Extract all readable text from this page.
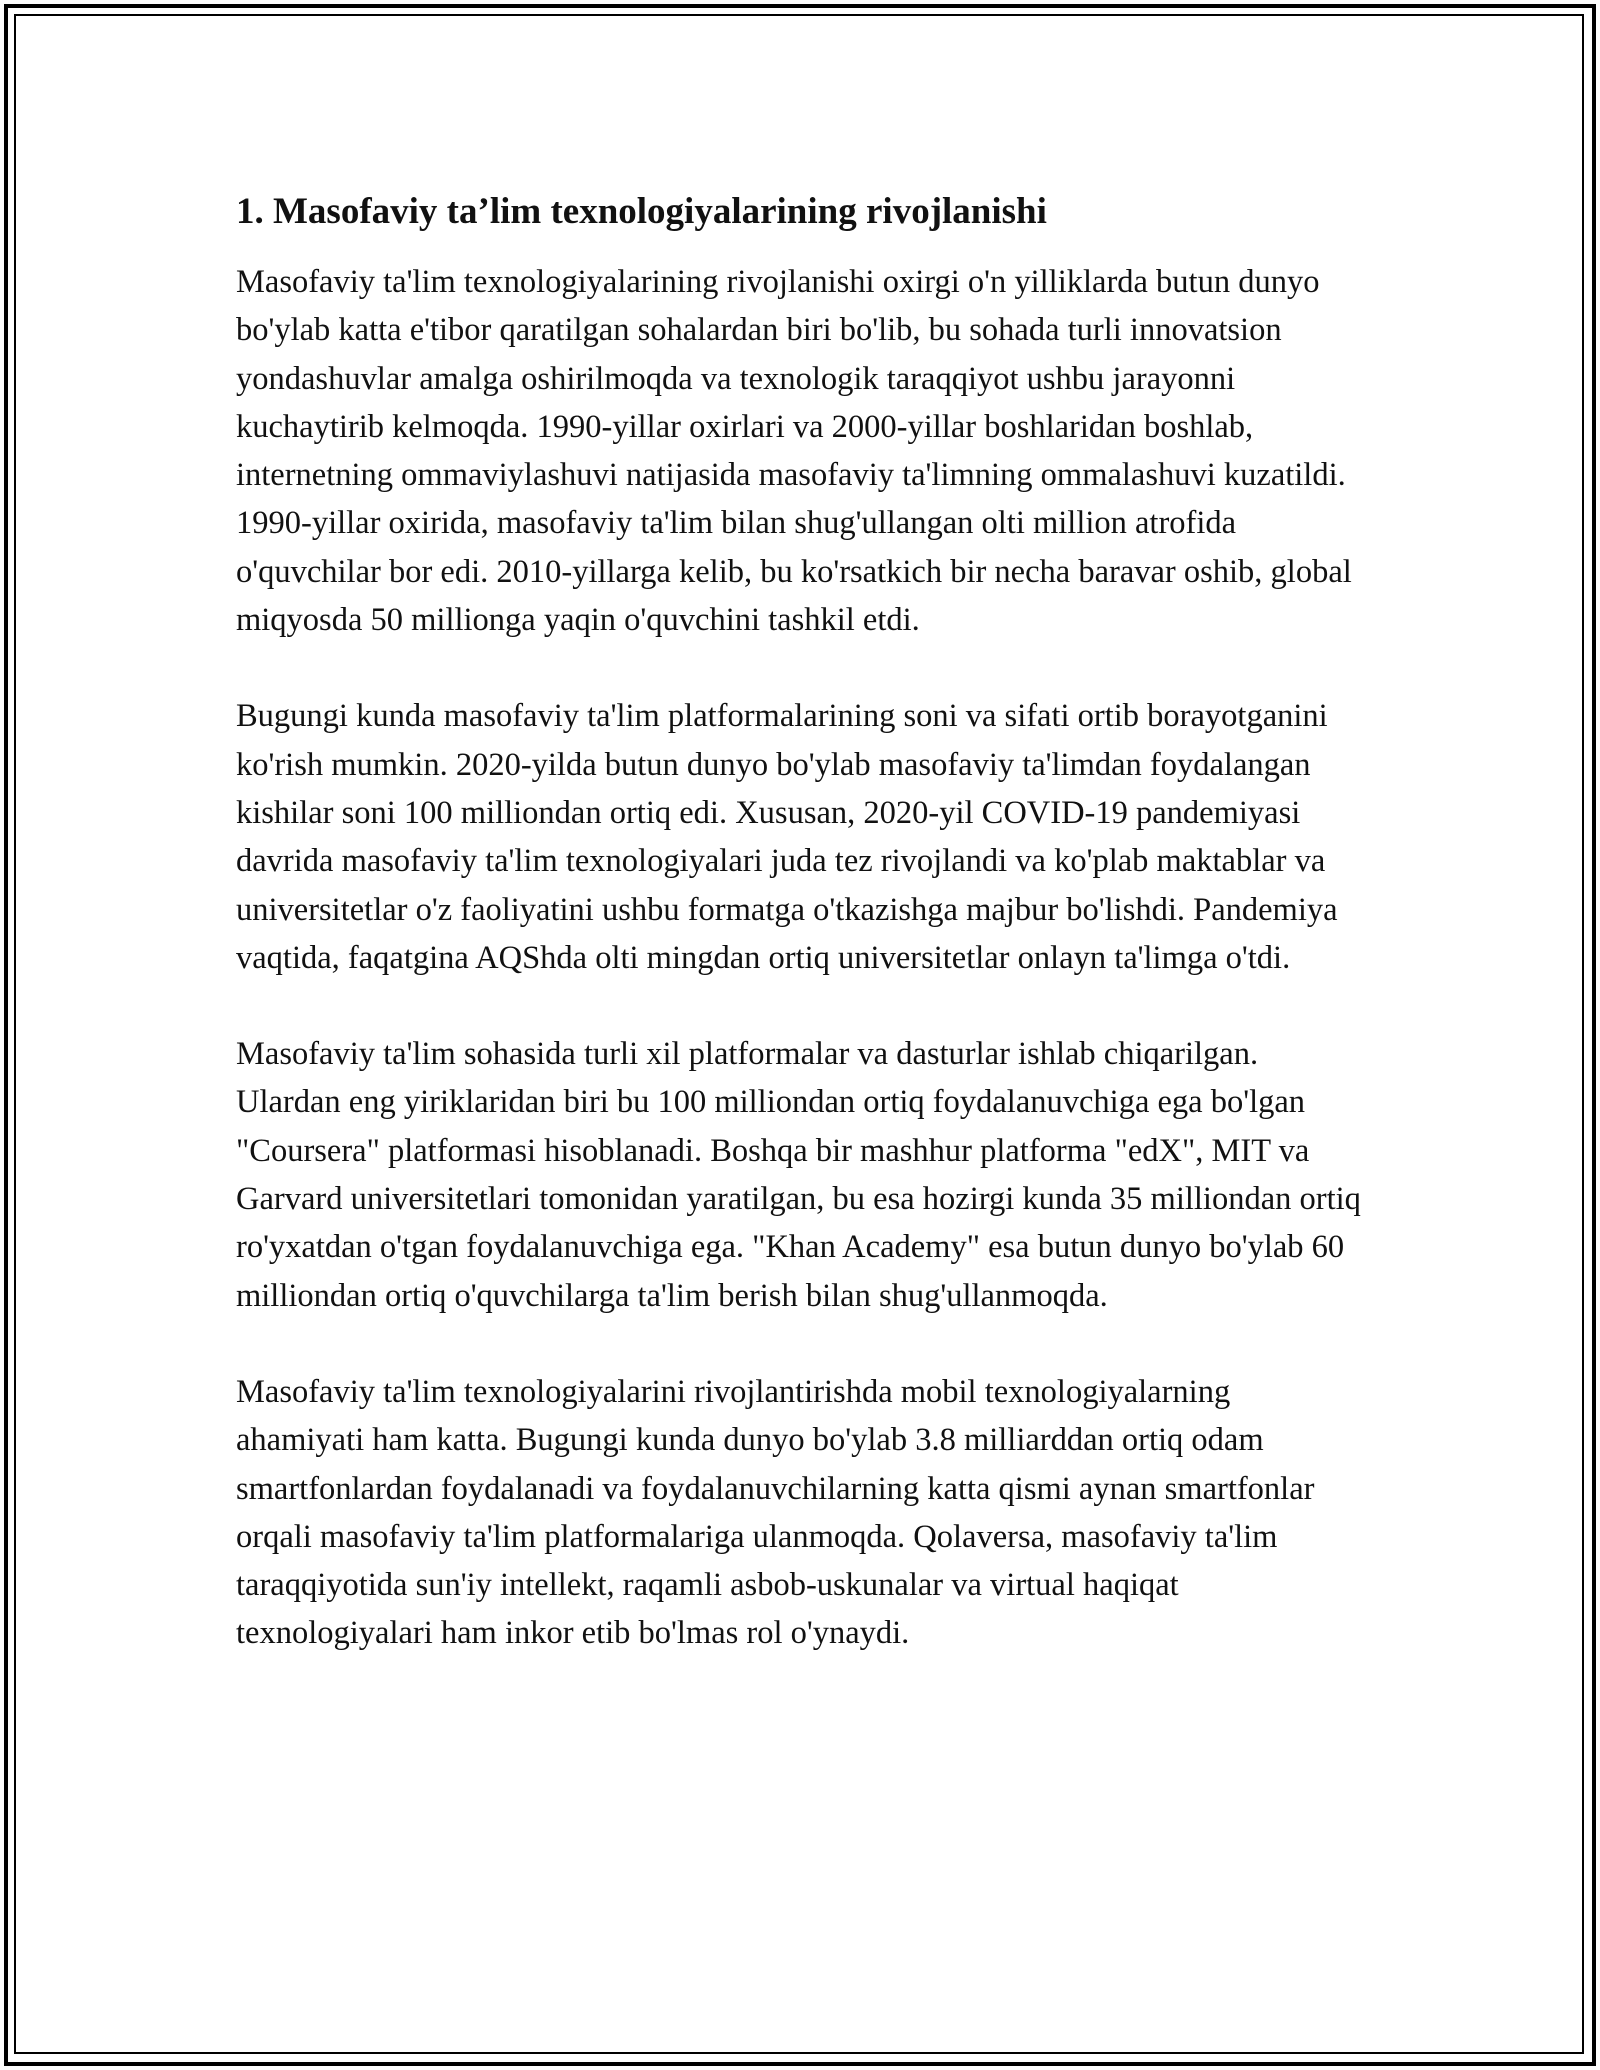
1. Masofaviy ta’lim texnologiyalarining rivojlanishi

Masofaviy ta'lim texnologiyalarining rivojlanishi oxirgi o'n yilliklarda butun dunyo bo'ylab katta e'tibor qaratilgan sohalardan biri bo'lib, bu sohada turli innovatsion yondashuvlar amalga oshirilmoqda va texnologik taraqqiyot ushbu jarayonni kuchaytirib kelmoqda. 1990-yillar oxirlari va 2000-yillar boshlaridan boshlab, internetning ommaviylashuvi natijasida masofaviy ta'limning ommalashuvi kuzatildi. 1990-yillar oxirida, masofaviy ta'lim bilan shug'ullangan olti million atrofida o'quvchilar bor edi. 2010-yillarga kelib, bu ko'rsatkich bir necha baravar oshib, global miqyosda 50 millionga yaqin o'quvchini tashkil etdi.

Bugungi kunda masofaviy ta'lim platformalarining soni va sifati ortib borayotganini ko'rish mumkin. 2020-yilda butun dunyo bo'ylab masofaviy ta'limdan foydalangan kishilar soni 100 milliondan ortiq edi. Xususan, 2020-yil COVID-19 pandemiyasi davrida masofaviy ta'lim texnologiyalari juda tez rivojlandi va ko'plab maktablar va universitetlar o'z faoliyatini ushbu formatga o'tkazishga majbur bo'lishdi. Pandemiya vaqtida, faqatgina AQShda olti mingdan ortiq universitetlar onlayn ta'limga o'tdi.

Masofaviy ta'lim sohasida turli xil platformalar va dasturlar ishlab chiqarilgan. Ulardan eng yiriklaridan biri bu 100 milliondan ortiq foydalanuvchiga ega bo'lgan "Coursera" platformasi hisoblanadi. Boshqa bir mashhur platforma "edX", MIT va Garvard universitetlari tomonidan yaratilgan, bu esa hozirgi kunda 35 milliondan ortiq ro'yxatdan o'tgan foydalanuvchiga ega. "Khan Academy" esa butun dunyo bo'ylab 60 milliondan ortiq o'quvchilarga ta'lim berish bilan shug'ullanmoqda.

Masofaviy ta'lim texnologiyalarini rivojlantirishda mobil texnologiyalarning ahamiyati ham katta. Bugungi kunda dunyo bo'ylab 3.8 milliarddan ortiq odam smartfonlardan foydalanadi va foydalanuvchilarning katta qismi aynan smartfonlar orqali masofaviy ta'lim platformalariga ulanmoqda. Qolaversa, masofaviy ta'lim taraqqiyotida sun'iy intellekt, raqamli asbob-uskunalar va virtual haqiqat texnologiyalari ham inkor etib bo'lmas rol o'ynaydi.
